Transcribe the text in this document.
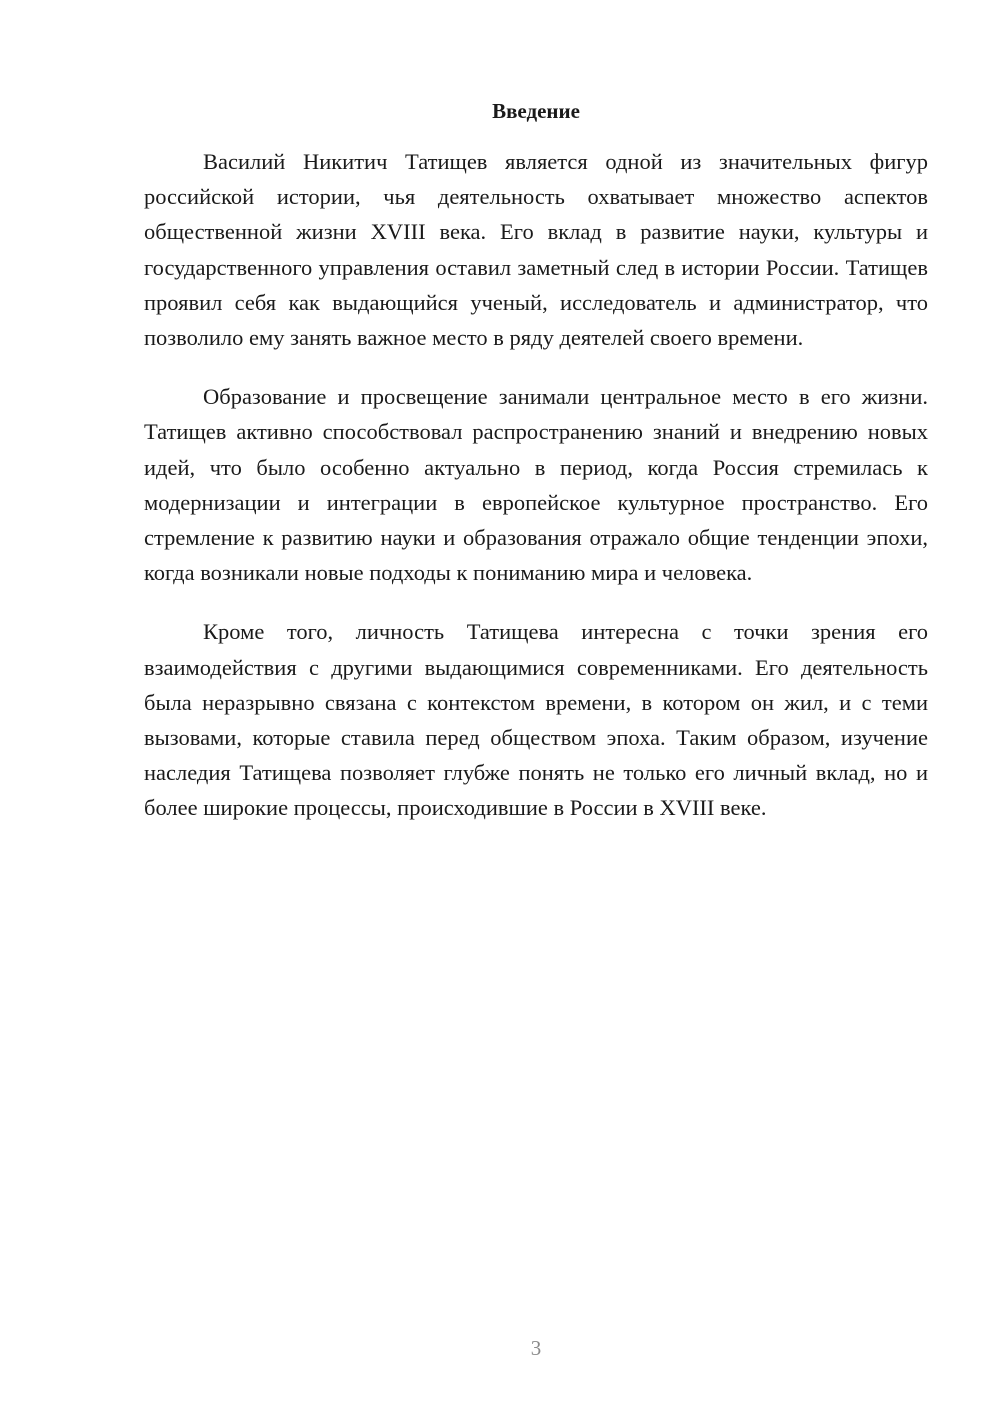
Введение

Василий Никитич Татищев является одной из значительных фигур российской истории, чья деятельность охватывает множество аспектов общественной жизни XVIII века. Его вклад в развитие науки, культуры и государственного управления оставил заметный след в истории России. Татищев проявил себя как выдающийся ученый, исследователь и администратор, что позволило ему занять важное место в ряду деятелей своего времени.

Образование и просвещение занимали центральное место в его жизни. Татищев активно способствовал распространению знаний и внедрению новых идей, что было особенно актуально в период, когда Россия стремилась к модернизации и интеграции в европейское культурное пространство. Его стремление к развитию науки и образования отражало общие тенденции эпохи, когда возникали новые подходы к пониманию мира и человека.

Кроме того, личность Татищева интересна с точки зрения его взаимодействия с другими выдающимися современниками. Его деятельность была неразрывно связана с контекстом времени, в котором он жил, и с теми вызовами, которые ставила перед обществом эпоха. Таким образом, изучение наследия Татищева позволяет глубже понять не только его личный вклад, но и более широкие процессы, происходившие в России в XVIII веке.

3
